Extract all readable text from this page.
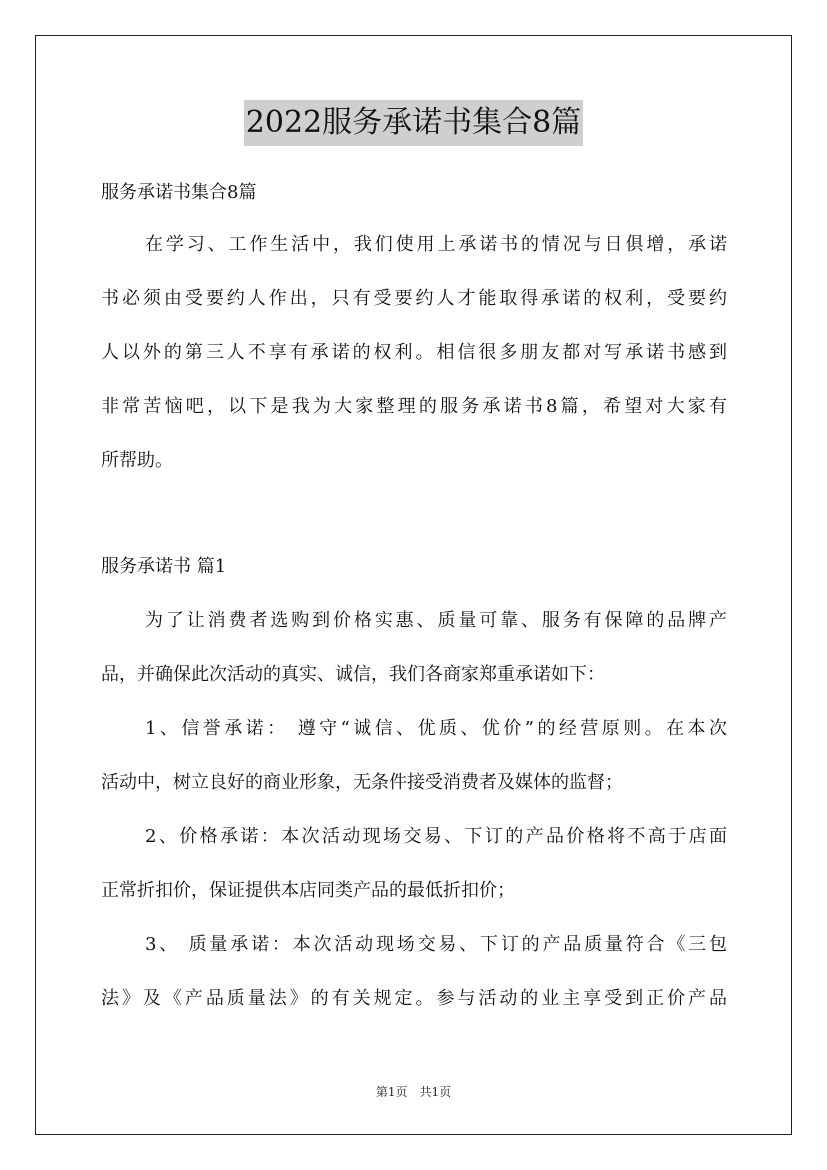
2022服务承诺书集合8篇

服务承诺书集合8篇

在学习、工作生活中，我们使用上承诺书的情况与日俱增，承诺

书必须由受要约人作出，只有受要约人才能取得承诺的权利，受要约

人以外的第三人不享有承诺的权利。相信很多朋友都对写承诺书感到

非常苦恼吧，以下是我为大家整理的服务承诺书8篇，希望对大家有

所帮助。

服务承诺书 篇1

为了让消费者选购到价格实惠、质量可靠、服务有保障的品牌产

品，并确保此次活动的真实、诚信，我们各商家郑重承诺如下：

1、信誉承诺： 遵守“诚信、优质、优价”的经营原则。在本次

活动中，树立良好的商业形象，无条件接受消费者及媒体的监督；

2、价格承诺：本次活动现场交易、下订的产品价格将不高于店面

正常折扣价，保证提供本店同类产品的最低折扣价；

3、 质量承诺：本次活动现场交易、下订的产品质量符合《三包

法》及《产品质量法》的有关规定。参与活动的业主享受到正价产品

第1页　共1页
